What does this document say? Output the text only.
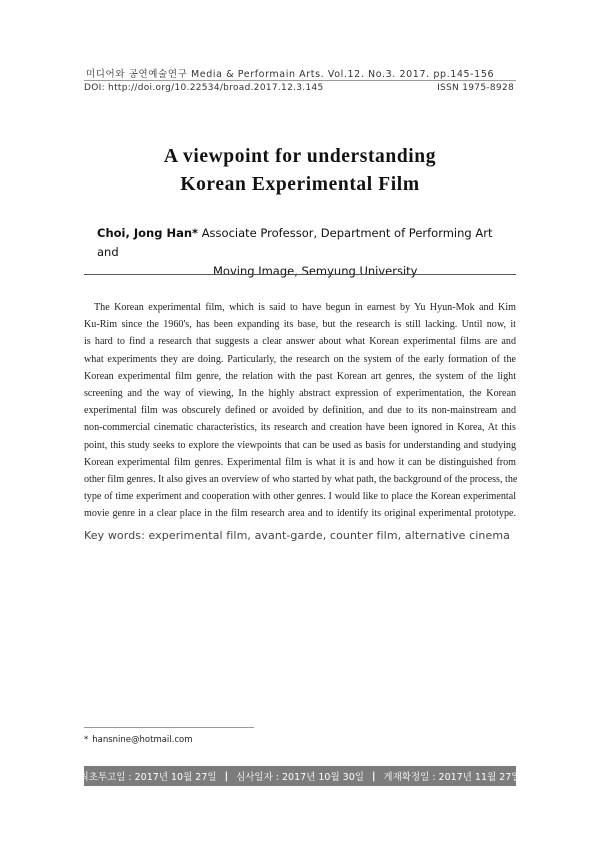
미디어와 공연예술연구 Media & Performain Arts. Vol.12. No.3. 2017. pp.145-156
DOI: http://doi.org/10.22534/broad.2017.12.3.145	ISSN 1975-8928
A viewpoint for understanding
Korean Experimental Film
Choi, Jong Han* Associate Professor, Department of Performing Art and
Moving Image, Semyung University
The Korean experimental film, which is said to have begun in earnest by Yu Hyun-Mok and Kim
Ku-Rim since the 1960's, has been expanding its base, but the research is still lacking. Until now, it
is hard to find a research that suggests a clear answer about what Korean experimental films are and
what experiments they are doing. Particularly, the research on the system of the early formation of the
Korean experimental film genre, the relation with the past Korean art genres, the system of the light
screening and the way of viewing, In the highly abstract expression of experimentation, the Korean
experimental film was obscurely defined or avoided by definition, and due to its non-mainstream and
non-commercial cinematic characteristics, its research and creation have been ignored in Korea, At this
point, this study seeks to explore the viewpoints that can be used as basis for understanding and studying
Korean experimental film genres. Experimental film is what it is and how it can be distinguished from
other film genres. It also gives an overview of who started by what path, the background of the process, the
type of time experiment and cooperation with other genres. I would like to place the Korean experimental
movie genre in a clear place in the film research area and to identify its original experimental prototype.
Key words: experimental film, avant-garde, counter film, alternative cinema
* hansnine@hotmail.com
최초투고일 : 2017년 10월 27일 | 심사일자 : 2017년 10월 30일 | 게재확정일 : 2017년 11월 27일
